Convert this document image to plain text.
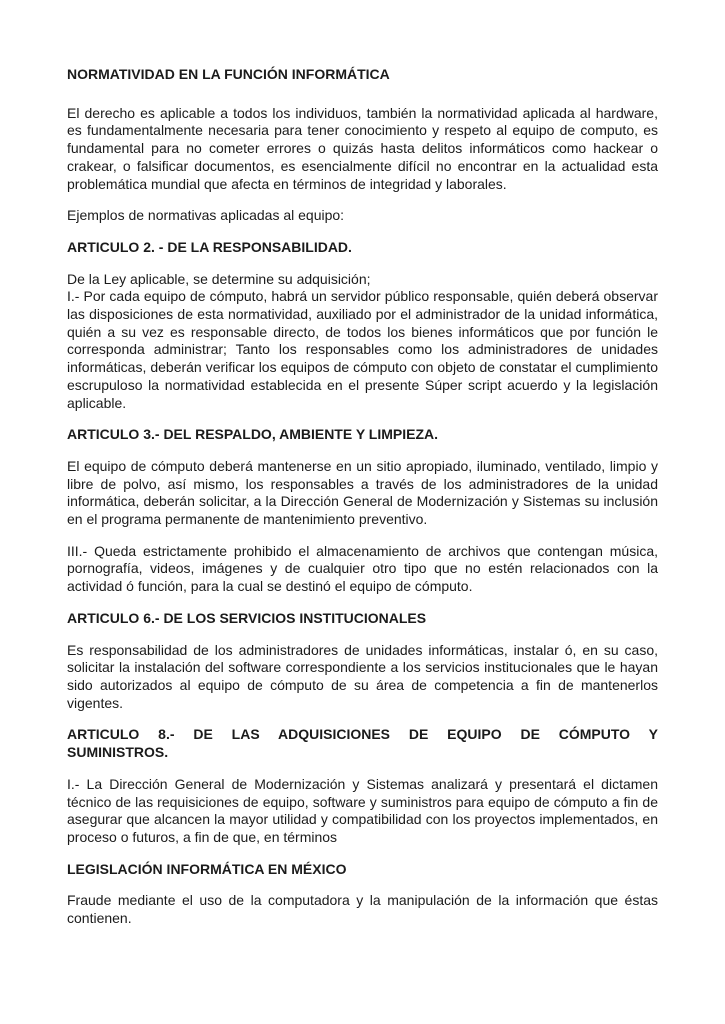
NORMATIVIDAD EN LA FUNCIÓN INFORMÁTICA

El derecho es aplicable a todos los individuos, también la normatividad aplicada al hardware, es fundamentalmente necesaria para tener conocimiento y respeto al equipo de computo, es fundamental para no cometer errores o quizás hasta delitos informáticos como hackear o crakear, o falsificar documentos, es esencialmente difícil no encontrar en la actualidad esta problemática mundial que afecta en términos de integridad y laborales.

Ejemplos de normativas aplicadas al equipo:

ARTICULO 2. - DE LA RESPONSABILIDAD.

De la Ley aplicable, se determine su adquisición;

I.- Por cada equipo de cómputo, habrá un servidor público responsable, quién deberá observar las disposiciones de esta normatividad, auxiliado por el administrador de la unidad informática, quién a su vez es responsable directo, de todos los bienes informáticos que por función le corresponda administrar; Tanto los responsables como los administradores de unidades informáticas, deberán verificar los equipos de cómputo con objeto de constatar el cumplimiento escrupuloso la normatividad establecida en el presente Súper script acuerdo y la legislación aplicable.

ARTICULO 3.- DEL RESPALDO, AMBIENTE Y LIMPIEZA.

El equipo de cómputo deberá mantenerse en un sitio apropiado, iluminado, ventilado, limpio y libre de polvo, así mismo, los responsables a través de los administradores de la unidad informática, deberán solicitar, a la Dirección General de Modernización y Sistemas su inclusión en el programa permanente de mantenimiento preventivo.

III.- Queda estrictamente prohibido el almacenamiento de archivos que contengan música, pornografía, videos, imágenes y de cualquier otro tipo que no estén relacionados con la actividad ó función, para la cual se destinó el equipo de cómputo.

ARTICULO 6.- DE LOS SERVICIOS INSTITUCIONALES

Es responsabilidad de los administradores de unidades informáticas, instalar ó, en su caso, solicitar la instalación del software correspondiente a los servicios institucionales que le hayan sido autorizados al equipo de cómputo de su área de competencia a fin de mantenerlos vigentes.

ARTICULO 8.- DE LAS ADQUISICIONES DE EQUIPO DE CÓMPUTO Y
SUMINISTROS.

I.- La Dirección General de Modernización y Sistemas analizará y presentará el dictamen técnico de las requisiciones de equipo, software y suministros para equipo de cómputo a fin de asegurar que alcancen la mayor utilidad y compatibilidad con los proyectos implementados, en proceso o futuros, a fin de que, en términos

LEGISLACIÓN INFORMÁTICA EN MÉXICO

Fraude mediante el uso de la computadora y la manipulación de la información que éstas contienen.
